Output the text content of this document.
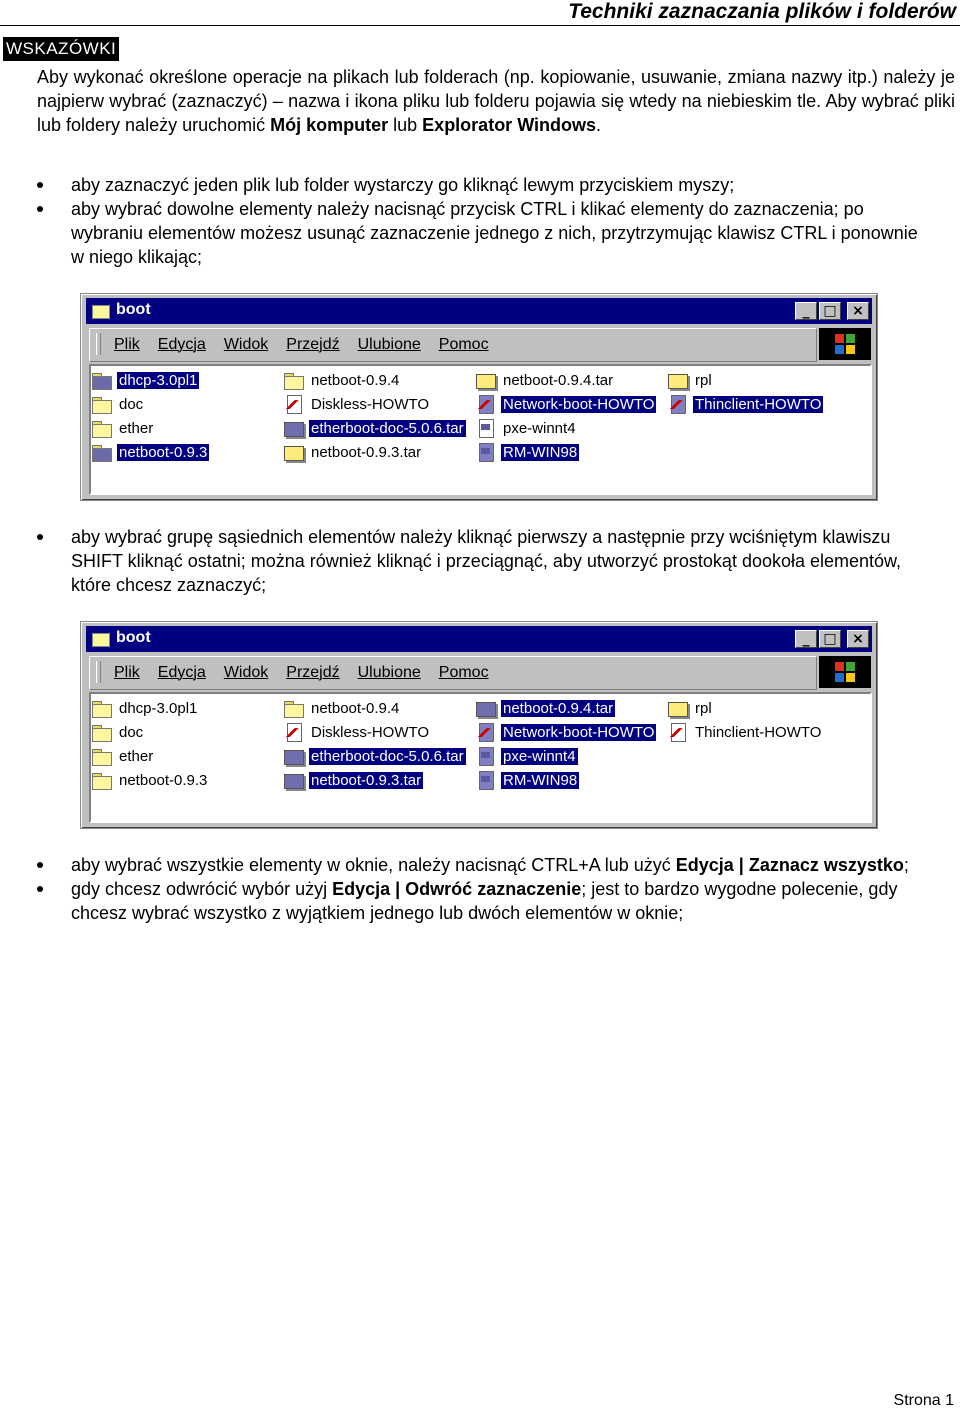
Techniki zaznaczania plików i folderów
WSKAZÓWKI
Aby wykonać określone operacje na plikach lub folderach (np. kopiowanie, usuwanie, zmiana nazwy itp.) należy je najpierw wybrać (zaznaczyć) – nazwa i ikona pliku lub folderu pojawia się wtedy na niebieskim tle. Aby wybrać pliki lub foldery należy uruchomić Mój komputer lub Explorator Windows.
aby zaznaczyć jeden plik lub folder wystarczy go kliknąć lewym przyciskiem myszy;
aby wybrać dowolne elementy należy nacisnąć przycisk CTRL i klikać elementy do zaznaczenia; po wybraniu elementów możesz usunąć zaznaczenie jednego z nich, przytrzymując klawisz CTRL i ponownie w niego klikając;
boot	_ □	×
Plik Edycja Widok Przejdź Ulubione Pomoc
dhcp-3.0pl1
doc
ether
netboot-0.9.3
netboot-0.9.4
Diskless-HOWTO
etherboot-doc-5.0.6.tar
netboot-0.9.3.tar
netboot-0.9.4.tar
Network-boot-HOWTO
pxe-winnt4
RM-WIN98
rpl
Thinclient-HOWTO
aby wybrać grupę sąsiednich elementów należy kliknąć pierwszy a następnie przy wciśniętym klawiszu SHIFT kliknąć ostatni; można również kliknąć i przeciągnąć, aby utworzyć prostokąt dookoła elementów, które chcesz zaznaczyć;
boot	_ □	×
Plik Edycja Widok Przejdź Ulubione Pomoc
dhcp-3.0pl1
doc
ether
netboot-0.9.3
netboot-0.9.4
Diskless-HOWTO
etherboot-doc-5.0.6.tar
netboot-0.9.3.tar
netboot-0.9.4.tar
Network-boot-HOWTO
pxe-winnt4
RM-WIN98
rpl
Thinclient-HOWTO
aby wybrać wszystkie elementy w oknie, należy nacisnąć CTRL+A lub użyć Edycja | Zaznacz wszystko;
gdy chcesz odwrócić wybór użyj Edycja | Odwróć zaznaczenie; jest to bardzo wygodne polecenie, gdy chcesz wybrać wszystko z wyjątkiem jednego lub dwóch elementów w oknie;
Strona 1
